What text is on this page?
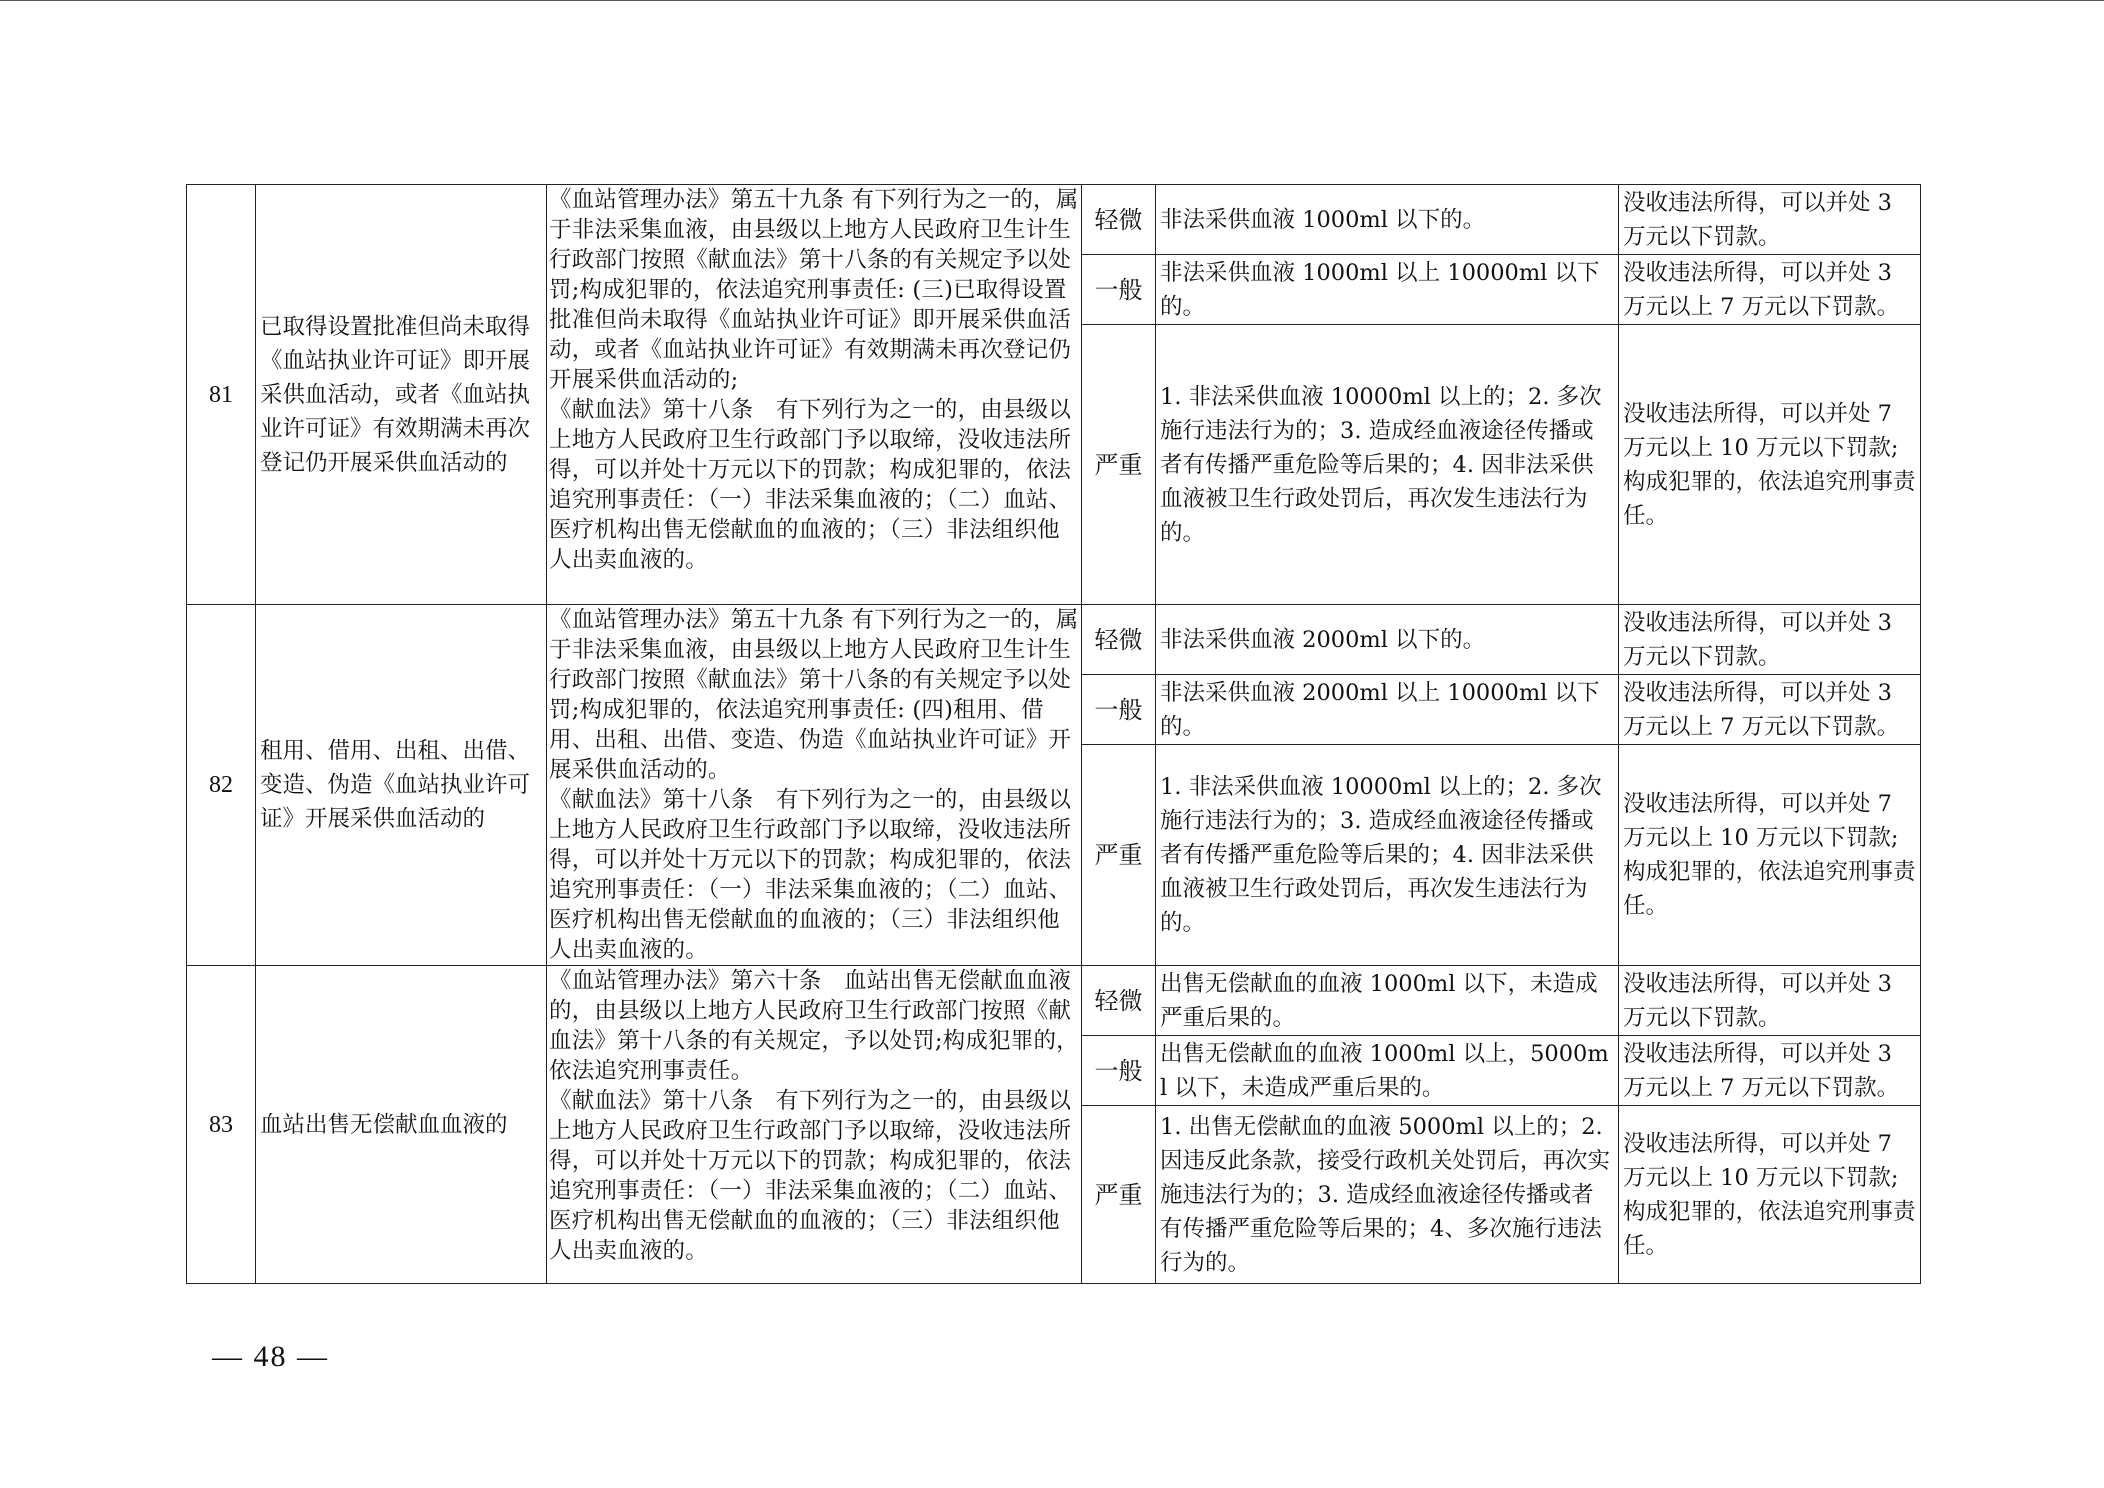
81	已取得设置批准但尚未取得《血站执业许可证》即开展采供血活动，或者《血站执业许可证》有效期满未再次登记仍开展采供血活动的	《血站管理办法》第五十九条 有下列行为之一的，属于非法采集血液，由县级以上地方人民政府卫生计生行政部门按照《献血法》第十八条的有关规定予以处罚;构成犯罪的，依法追究刑事责任: (三)已取得设置批准但尚未取得《血站执业许可证》即开展采供血活动，或者《血站执业许可证》有效期满未再次登记仍开展采供血活动的;
《献血法》第十八条　有下列行为之一的，由县级以上地方人民政府卫生行政部门予以取缔，没收违法所得，可以并处十万元以下的罚款；构成犯罪的，依法追究刑事责任：（一）非法采集血液的；（二）血站、医疗机构出售无偿献血的血液的；（三）非法组织他人出卖血液的。	轻微	非法采供血液 1000ml 以下的。	没收违法所得，可以并处 3 万元以下罚款。
			一般	非法采供血液 1000ml 以上 10000ml 以下的。	没收违法所得，可以并处 3 万元以上 7 万元以下罚款。
			严重	1. 非法采供血液 10000ml 以上的；2. 多次施行违法行为的；3. 造成经血液途径传播或者有传播严重危险等后果的；4. 因非法采供血液被卫生行政处罚后，再次发生违法行为的。	没收违法所得，可以并处 7 万元以上 10 万元以下罚款;构成犯罪的，依法追究刑事责任。
82	租用、借用、出租、出借、变造、伪造《血站执业许可证》开展采供血活动的	《血站管理办法》第五十九条 有下列行为之一的，属于非法采集血液，由县级以上地方人民政府卫生计生行政部门按照《献血法》第十八条的有关规定予以处罚;构成犯罪的，依法追究刑事责任: (四)租用、借用、出租、出借、变造、伪造《血站执业许可证》开展采供血活动的。
《献血法》第十八条　有下列行为之一的，由县级以上地方人民政府卫生行政部门予以取缔，没收违法所得，可以并处十万元以下的罚款；构成犯罪的，依法追究刑事责任：（一）非法采集血液的；（二）血站、医疗机构出售无偿献血的血液的；（三）非法组织他人出卖血液的。	轻微	非法采供血液 2000ml 以下的。	没收违法所得，可以并处 3 万元以下罚款。
			一般	非法采供血液 2000ml 以上 10000ml 以下的。	没收违法所得，可以并处 3 万元以上 7 万元以下罚款。
			严重	1. 非法采供血液 10000ml 以上的；2. 多次施行违法行为的；3. 造成经血液途径传播或者有传播严重危险等后果的；4. 因非法采供血液被卫生行政处罚后，再次发生违法行为的。	没收违法所得，可以并处 7 万元以上 10 万元以下罚款;构成犯罪的，依法追究刑事责任。
83	血站出售无偿献血血液的	《血站管理办法》第六十条　血站出售无偿献血血液的，由县级以上地方人民政府卫生行政部门按照《献血法》第十八条的有关规定，予以处罚;构成犯罪的，依法追究刑事责任。
《献血法》第十八条　有下列行为之一的，由县级以上地方人民政府卫生行政部门予以取缔，没收违法所得，可以并处十万元以下的罚款；构成犯罪的，依法追究刑事责任：（一）非法采集血液的；（二）血站、医疗机构出售无偿献血的血液的；（三）非法组织他人出卖血液的。	轻微	出售无偿献血的血液 1000ml 以下，未造成严重后果的。	没收违法所得，可以并处 3 万元以下罚款。
			一般	出售无偿献血的血液 1000ml 以上，5000ml 以下，未造成严重后果的。	没收违法所得，可以并处 3 万元以上 7 万元以下罚款。
			严重	1. 出售无偿献血的血液 5000ml 以上的；2. 因违反此条款，接受行政机关处罚后，再次实施违法行为的；3. 造成经血液途径传播或者有传播严重危险等后果的；4、多次施行违法行为的。	没收违法所得，可以并处 7 万元以上 10 万元以下罚款;构成犯罪的，依法追究刑事责任。
— 48 —
